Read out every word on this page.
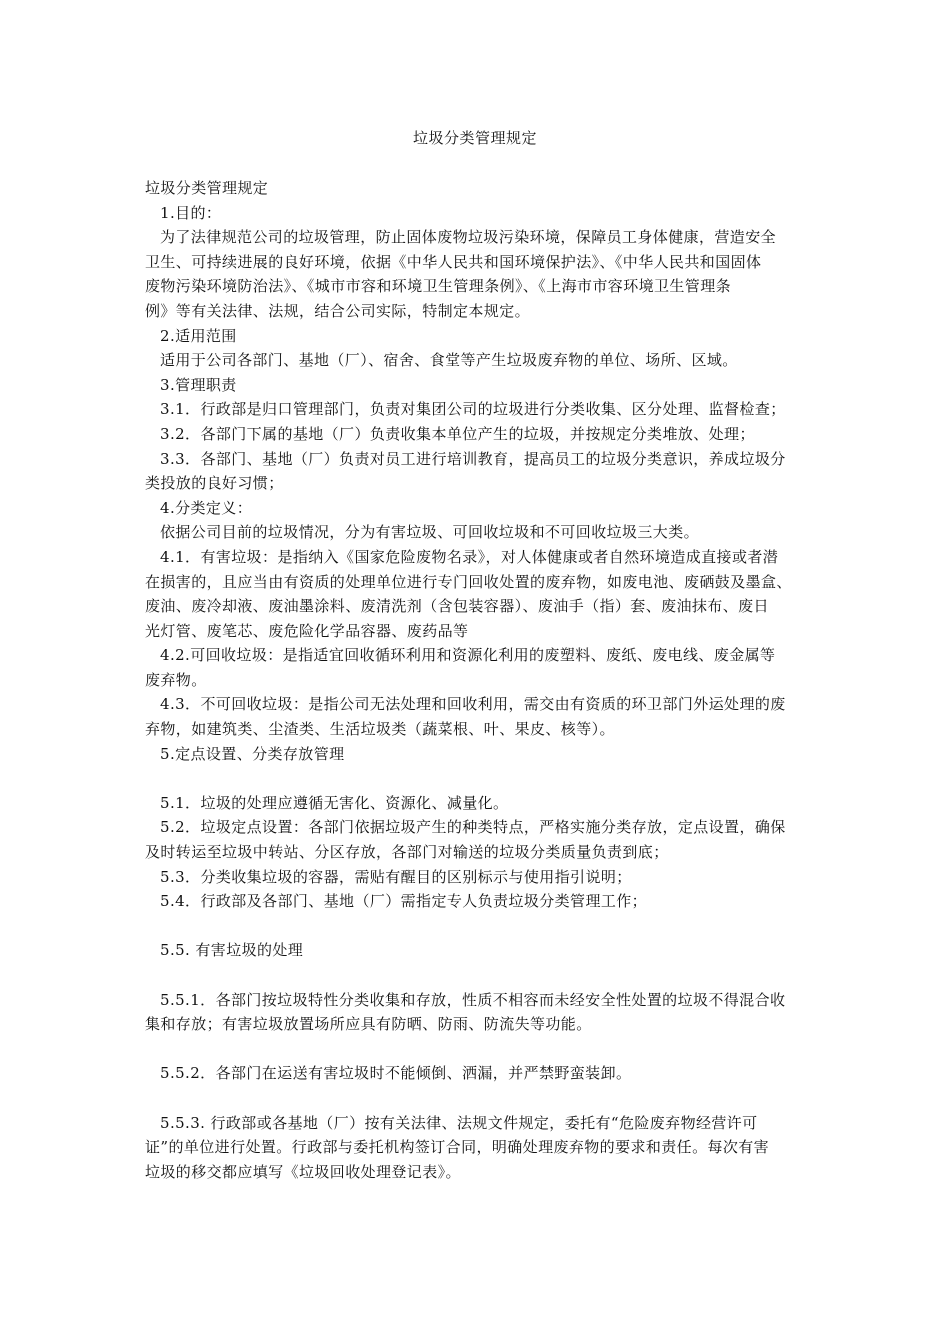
垃圾分类管理规定

垃圾分类管理规定

1.目的：

为了法律规范公司的垃圾管理，防止固体废物垃圾污染环境，保障员工身体健康，营造安全

卫生、可持续进展的良好环境，依据《中华人民共和国环境保护法》、《中华人民共和国固体

废物污染环境防治法》、《城市市容和环境卫生管理条例》、《上海市市容环境卫生管理条

例》等有关法律、法规，结合公司实际，特制定本规定。

2.适用范围

适用于公司各部门、基地（厂）、宿舍、食堂等产生垃圾废弃物的单位、场所、区域。

3.管理职责

3.1．行政部是归口管理部门，负责对集团公司的垃圾进行分类收集、区分处理、监督检查；

3.2．各部门下属的基地（厂）负责收集本单位产生的垃圾，并按规定分类堆放、处理；

3.3．各部门、基地（厂）负责对员工进行培训教育，提高员工的垃圾分类意识，养成垃圾分

类投放的良好习惯；

4.分类定义：

依据公司目前的垃圾情况，分为有害垃圾、可回收垃圾和不可回收垃圾三大类。

4.1．有害垃圾：是指纳入《国家危险废物名录》，对人体健康或者自然环境造成直接或者潜

在损害的，且应当由有资质的处理单位进行专门回收处置的废弃物，如废电池、废硒鼓及墨盒、

废油、废冷却液、废油墨涂料、废清洗剂（含包装容器）、废油手（指）套、废油抹布、废日

光灯管、废笔芯、废危险化学品容器、废药品等

4.2.可回收垃圾：是指适宜回收循环利用和资源化利用的废塑料、废纸、废电线、废金属等

废弃物。

4.3．不可回收垃圾：是指公司无法处理和回收利用，需交由有资质的环卫部门外运处理的废

弃物，如建筑类、尘渣类、生活垃圾类（蔬菜根、叶、果皮、核等）。

5.定点设置、分类存放管理

5.1．垃圾的处理应遵循无害化、资源化、减量化。

5.2．垃圾定点设置：各部门依据垃圾产生的种类特点，严格实施分类存放，定点设置，确保

及时转运至垃圾中转站、分区存放，各部门对输送的垃圾分类质量负责到底；

5.3．分类收集垃圾的容器，需贴有醒目的区别标示与使用指引说明；

5.4．行政部及各部门、基地（厂）需指定专人负责垃圾分类管理工作；

5.5. 有害垃圾的处理

5.5.1．各部门按垃圾特性分类收集和存放，性质不相容而未经安全性处置的垃圾不得混合收

集和存放；有害垃圾放置场所应具有防晒、防雨、防流失等功能。

5.5.2．各部门在运送有害垃圾时不能倾倒、洒漏，并严禁野蛮装卸。

5.5.3. 行政部或各基地（厂）按有关法律、法规文件规定，委托有“危险废弃物经营许可

证”的单位进行处置。行政部与委托机构签订合同，明确处理废弃物的要求和责任。每次有害

垃圾的移交都应填写《垃圾回收处理登记表》。
